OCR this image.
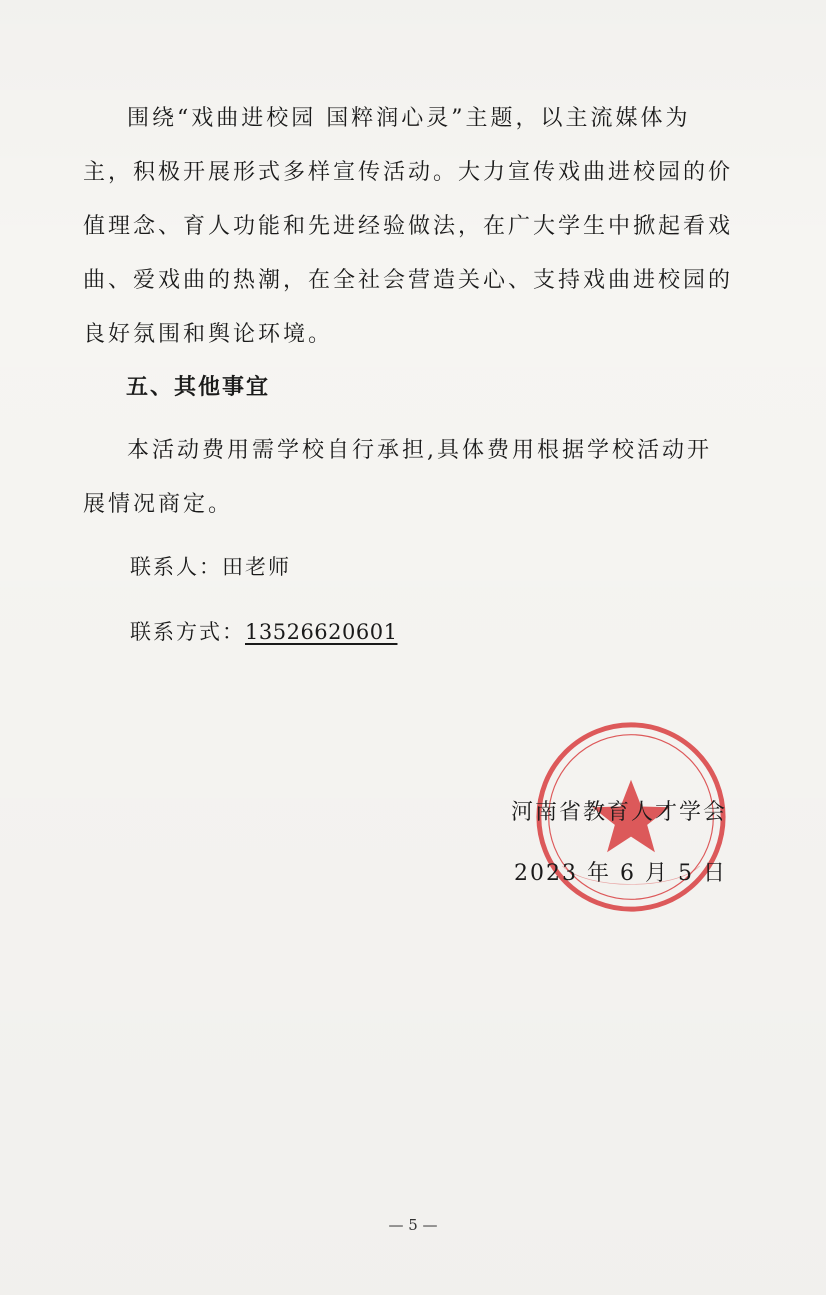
围绕“戏曲进校园 国粹润心灵”主题，以主流媒体为主，积极开展形式多样宣传活动。大力宣传戏曲进校园的价值理念、育人功能和先进经验做法，在广大学生中掀起看戏曲、爱戏曲的热潮，在全社会营造关心、支持戏曲进校园的良好氛围和舆论环境。

五、其他事宜

本活动费用需学校自行承担,具体费用根据学校活动开展情况商定。

联系人：田老师
联系方式：13526620601
河南省教育人才学会
2023 年 6 月 5 日
— 5 —
